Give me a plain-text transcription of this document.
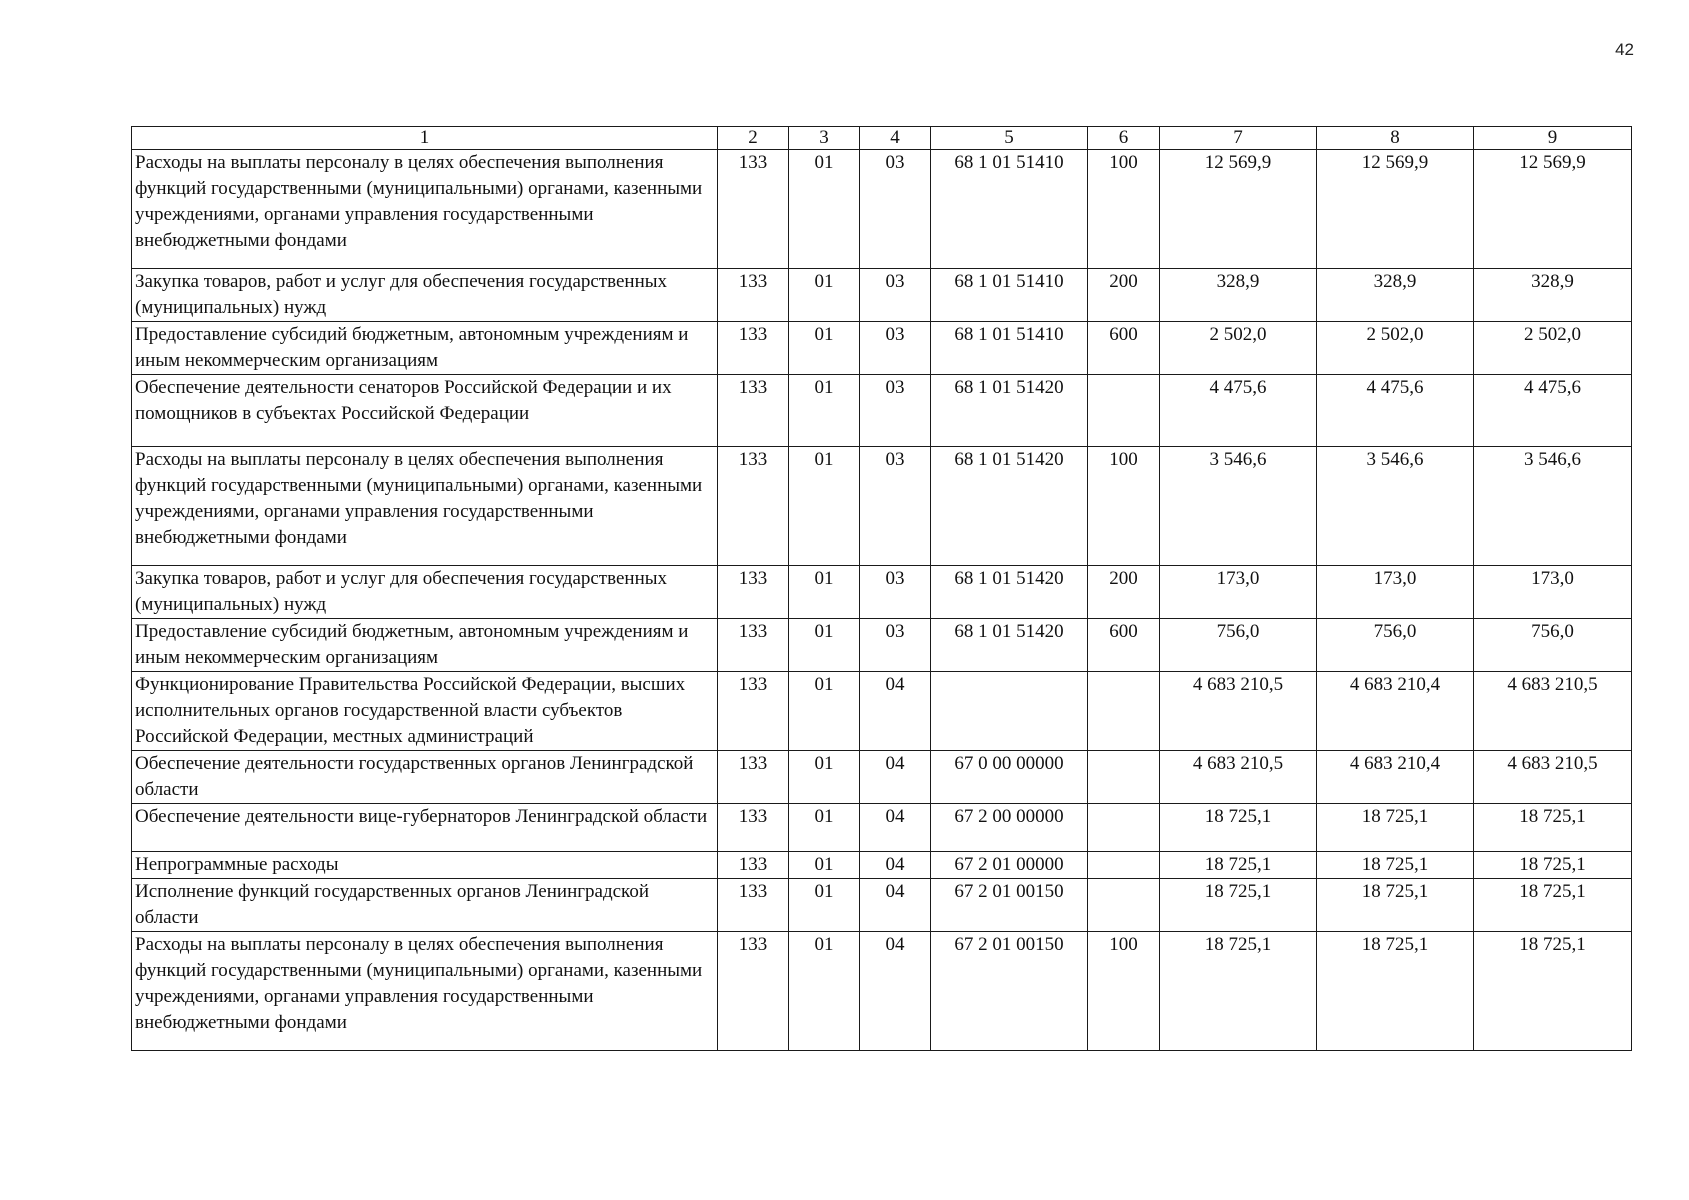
42
1	2	3	4	5	6	7	8	9
Расходы на выплаты персоналу в целях обеспечения выполнения функций государственными (муниципальными) органами, казенными учреждениями, органами управления государственными внебюджетными фондами	133	01	03	68 1 01 51410	100	12 569,9	12 569,9	12 569,9
Закупка товаров, работ и услуг для обеспечения государственных (муниципальных) нужд	133	01	03	68 1 01 51410	200	328,9	328,9	328,9
Предоставление субсидий бюджетным, автономным учреждениям и иным некоммерческим организациям	133	01	03	68 1 01 51410	600	2 502,0	2 502,0	2 502,0
Обеспечение деятельности сенаторов Российской Федерации и их помощников в субъектах Российской Федерации	133	01	03	68 1 01 51420		4 475,6	4 475,6	4 475,6
Расходы на выплаты персоналу в целях обеспечения выполнения функций государственными (муниципальными) органами, казенными учреждениями, органами управления государственными внебюджетными фондами	133	01	03	68 1 01 51420	100	3 546,6	3 546,6	3 546,6
Закупка товаров, работ и услуг для обеспечения государственных (муниципальных) нужд	133	01	03	68 1 01 51420	200	173,0	173,0	173,0
Предоставление субсидий бюджетным, автономным учреждениям и иным некоммерческим организациям	133	01	03	68 1 01 51420	600	756,0	756,0	756,0
Функционирование Правительства Российской Федерации, высших исполнительных органов государственной власти субъектов Российской Федерации, местных администраций	133	01	04			4 683 210,5	4 683 210,4	4 683 210,5
Обеспечение деятельности государственных органов Ленинградской области	133	01	04	67 0 00 00000		4 683 210,5	4 683 210,4	4 683 210,5
Обеспечение деятельности вице-губернаторов Ленинградской области	133	01	04	67 2 00 00000		18 725,1	18 725,1	18 725,1
Непрограммные расходы	133	01	04	67 2 01 00000		18 725,1	18 725,1	18 725,1
Исполнение функций государственных органов Ленинградской области	133	01	04	67 2 01 00150		18 725,1	18 725,1	18 725,1
Расходы на выплаты персоналу в целях обеспечения выполнения функций государственными (муниципальными) органами, казенными учреждениями, органами управления государственными внебюджетными фондами	133	01	04	67 2 01 00150	100	18 725,1	18 725,1	18 725,1
